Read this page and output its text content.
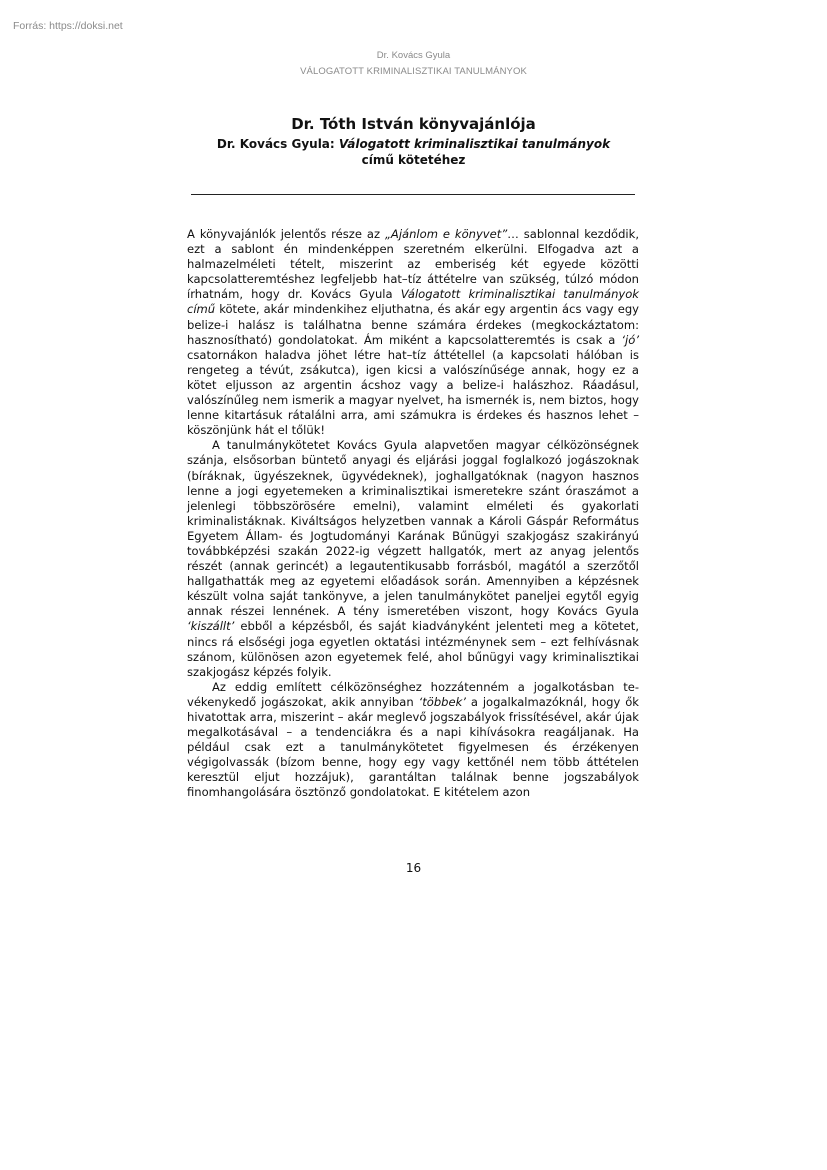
Forrás: https://doksi.net
Dr. Kovács Gyula
VÁLOGATOTT KRIMINALISZTIKAI TANULMÁNYOK
Dr. Tóth István könyvajánlója
Dr. Kovács Gyula: Válogatott kriminalisztikai tanulmányok
című kötetéhez

A könyvajánlók jelentős része az „Ajánlom e könyvet”… sablonnal kezdődik, ezt a sablont én mindenképpen szeretném elkerülni. Elfogadva azt a halmazelméleti tételt, miszerint az emberiség két egyede közötti kapcsolatteremtéshez legfeljebb hat–tíz áttételre van szükség, túlzó módon írhatnám, hogy dr. Kovács Gyula Válogatott kriminalisztikai tanulmányok című kötete, akár mindenkihez eljuthatna, és akár egy argentin ács vagy egy belize-i halász is találhatna benne számára érdekes (megkockáztatom: hasznosítható) gondolatokat. Ám miként a kapcsolatteremtés is csak a ‘jó’ csatornákon haladva jöhet létre hat–tíz áttétellel (a kapcsolati hálóban is rengeteg a tévút, zsákutca), igen kicsi a valószínűsége annak, hogy ez a kötet eljusson az argentin ácshoz vagy a belize-i halászhoz. Ráadásul, valószínűleg nem ismerik a magyar nyelvet, ha ismernék is, nem biztos, hogy lenne kitartásuk rátalálni arra, ami számukra is érdekes és hasznos lehet – köszönjünk hát el tőlük!

A tanulmánykötetet Kovács Gyula alapvetően magyar célközönségnek szánja, elsősorban büntető anyagi és eljárási joggal foglalkozó jogászoknak (bíráknak, ügyészeknek, ügyvédeknek), joghallgatóknak (nagyon hasznos lenne a jogi egyetemeken a kriminalisztikai ismeretekre szánt óraszámot a jelenlegi többszörösére emelni), valamint elméleti és gyakorlati kriminalistáknak. Kiváltságos helyzetben vannak a Károli Gáspár Református Egyetem Állam- és Jogtudományi Karának Bűnügyi szakjogász szakirányú továbbképzési szakán 2022-ig végzett hallgatók, mert az anyag jelentős részét (annak gerincét) a legautentikusabb forrásból, magától a szerzőtől hallgathatták meg az egyetemi előadások során. Amennyiben a képzésnek készült volna saját tankönyve, a jelen tanulmánykötet paneljei egytől egyig annak részei lennének. A tény ismeretében viszont, hogy Kovács Gyula ‘kiszállt’ ebből a képzésből, és saját kiadványként jelenteti meg a kötetet, nincs rá elsőségi joga egyetlen oktatási intézménynek sem – ezt felhívásnak szánom, különösen azon egyetemek felé, ahol bűnügyi vagy kriminalisztikai szakjogász képzés folyik.

Az eddig említett célközönséghez hozzátenném a jogalkotásban tevékenykedő jogászokat, akik annyiban ‘többek’ a jogalkalmazóknál, hogy ők hivatottak arra, miszerint – akár meglevő jogszabályok frissítésével, akár újak megalkotásával – a tendenciákra és a napi kihívásokra reagáljanak. Ha például csak ezt a tanulmánykötetet figyelmesen és érzékenyen végigolvassák (bízom benne, hogy egy vagy kettőnél nem több áttételen keresztül eljut hozzájuk), garantáltan találnak benne jogszabályok finomhangolására ösztönző gondolatokat. E kitételem azon

16
